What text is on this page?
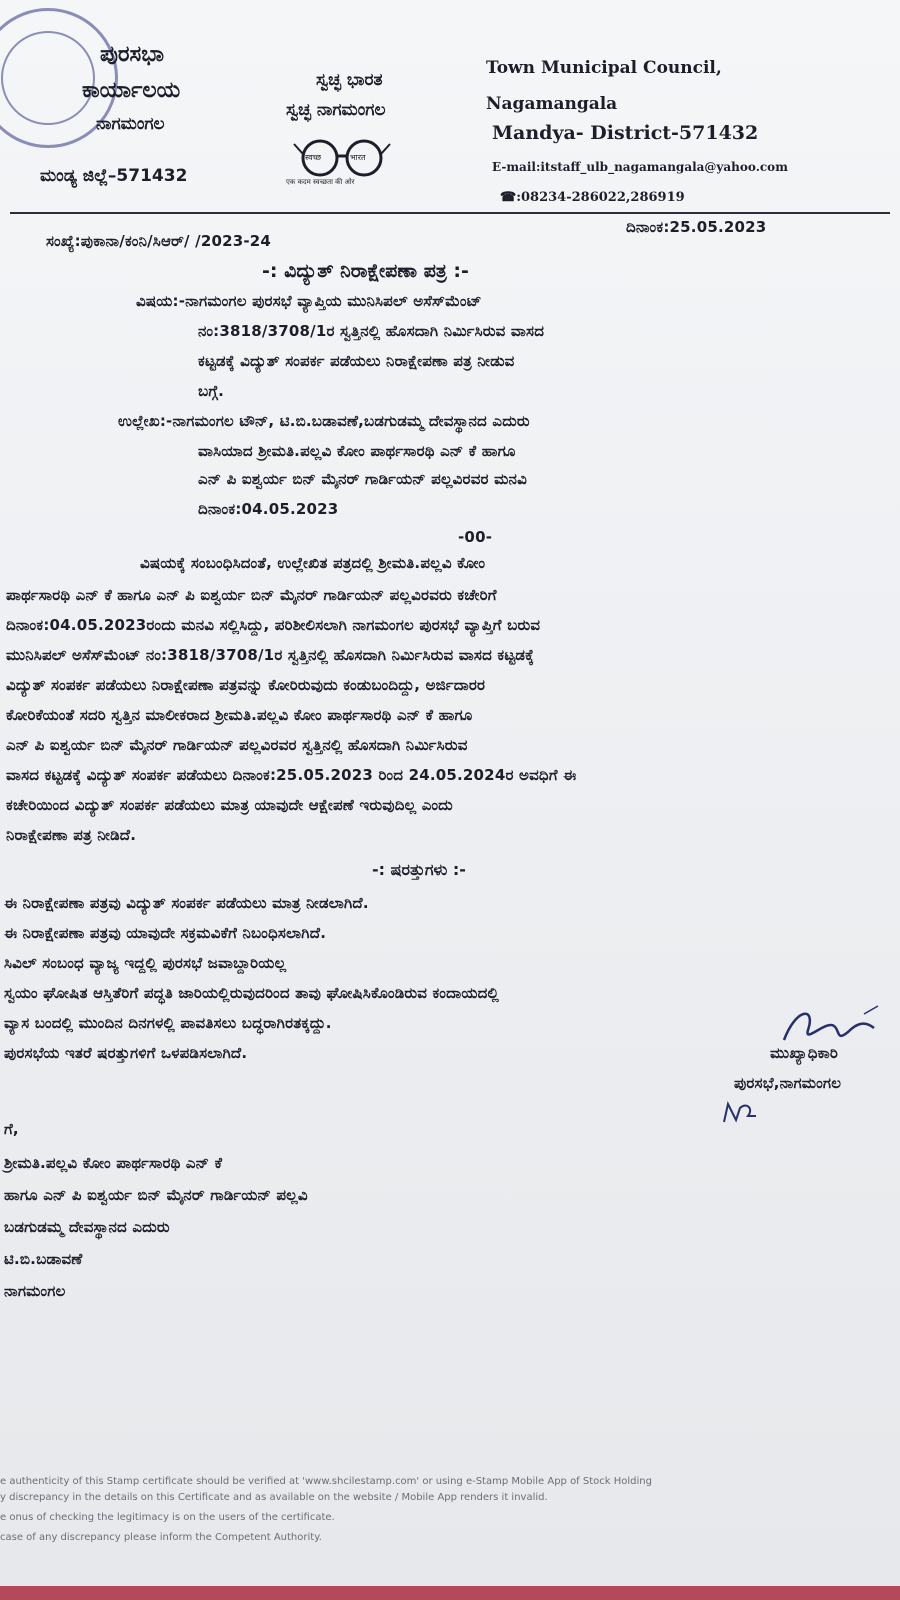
ಪುರಸಭಾ
ಕಾರ್ಯಾಲಯ
ನಾಗಮಂಗಲ
ಮಂಡ್ಯ ಜಿಲ್ಲೆ–571432
ಸ್ವಚ್ಛ ಭಾರತ
ಸ್ವಚ್ಛ ನಾಗಮಂಗಲ
स्वच्छ	भारत
एक कदम स्वच्छता की ओर
Town Municipal Council,
Nagamangala
Mandya- District-571432
E-mail:itstaff_ulb_nagamangala@yahoo.com
☎:08234-286022,286919
ಸಂಖ್ಯೆ:ಪುಕಾನಾ/ಕಂನಿ/ಸಿಆರ್/ /2023-24
ದಿನಾಂಕ:25.05.2023
-: ವಿದ್ಯುತ್ ನಿರಾಕ್ಷೇಪಣಾ ಪತ್ರ :-
ವಿಷಯ:-ನಾಗಮಂಗಲ ಪುರಸಭೆ ವ್ಯಾಪ್ತಿಯ ಮುನಿಸಿಪಲ್ ಅಸೆಸ್‌ಮೆಂಟ್
ನಂ:3818/3708/1ರ ಸ್ವತ್ತಿನಲ್ಲಿ ಹೊಸದಾಗಿ ನಿರ್ಮಿಸಿರುವ ವಾಸದ
ಕಟ್ಟಡಕ್ಕೆ ವಿದ್ಯುತ್ ಸಂಪರ್ಕ ಪಡೆಯಲು ನಿರಾಕ್ಷೇಪಣಾ ಪತ್ರ ನೀಡುವ
ಬಗ್ಗೆ.
ಉಲ್ಲೇಖ:-ನಾಗಮಂಗಲ ಟೌನ್, ಟಿ.ಬಿ.ಬಡಾವಣೆ,ಬಡಗುಡಮ್ಮ ದೇವಸ್ಥಾನದ ಎದುರು
ವಾಸಿಯಾದ ಶ್ರೀಮತಿ.ಪಲ್ಲವಿ ಕೋಂ ಪಾರ್ಥಸಾರಥಿ ಎನ್ ಕೆ ಹಾಗೂ
ಎನ್ ಪಿ ಐಶ್ವರ್ಯ ಬಿನ್ ಮೈನರ್ ಗಾರ್ಡಿಯನ್ ಪಲ್ಲವಿರವರ ಮನವಿ
ದಿನಾಂಕ:04.05.2023
-00-
ವಿಷಯಕ್ಕೆ ಸಂಬಂಧಿಸಿದಂತೆ, ಉಲ್ಲೇಖಿತ ಪತ್ರದಲ್ಲಿ ಶ್ರೀಮತಿ.ಪಲ್ಲವಿ ಕೋಂ
ಪಾರ್ಥಸಾರಥಿ ಎನ್ ಕೆ ಹಾಗೂ ಎನ್ ಪಿ ಐಶ್ವರ್ಯ ಬಿನ್ ಮೈನರ್ ಗಾರ್ಡಿಯನ್ ಪಲ್ಲವಿರವರು ಕಚೇರಿಗೆ
ದಿನಾಂಕ:04.05.2023ರಂದು ಮನವಿ ಸಲ್ಲಿಸಿದ್ದು, ಪರಿಶೀಲಿಸಲಾಗಿ ನಾಗಮಂಗಲ ಪುರಸಭೆ ವ್ಯಾಪ್ತಿಗೆ ಬರುವ
ಮುನಿಸಿಪಲ್ ಅಸೆಸ್‌ಮೆಂಟ್ ನಂ:3818/3708/1ರ ಸ್ವತ್ತಿನಲ್ಲಿ ಹೊಸದಾಗಿ ನಿರ್ಮಿಸಿರುವ ವಾಸದ ಕಟ್ಟಡಕ್ಕೆ
ವಿದ್ಯುತ್ ಸಂಪರ್ಕ ಪಡೆಯಲು ನಿರಾಕ್ಷೇಪಣಾ ಪತ್ರವನ್ನು ಕೋರಿರುವುದು ಕಂಡುಬಂದಿದ್ದು, ಅರ್ಜಿದಾರರ
ಕೋರಿಕೆಯಂತೆ ಸದರಿ ಸ್ವತ್ತಿನ ಮಾಲೀಕರಾದ ಶ್ರೀಮತಿ.ಪಲ್ಲವಿ ಕೋಂ ಪಾರ್ಥಸಾರಥಿ ಎನ್ ಕೆ ಹಾಗೂ
ಎನ್ ಪಿ ಐಶ್ವರ್ಯ ಬಿನ್ ಮೈನರ್ ಗಾರ್ಡಿಯನ್ ಪಲ್ಲವಿರವರ ಸ್ವತ್ತಿನಲ್ಲಿ ಹೊಸದಾಗಿ ನಿರ್ಮಿಸಿರುವ
ವಾಸದ ಕಟ್ಟಡಕ್ಕೆ ವಿದ್ಯುತ್ ಸಂಪರ್ಕ ಪಡೆಯಲು ದಿನಾಂಕ:25.05.2023 ರಿಂದ 24.05.2024ರ ಅವಧಿಗೆ ಈ
ಕಚೇರಿಯಿಂದ ವಿದ್ಯುತ್ ಸಂಪರ್ಕ ಪಡೆಯಲು ಮಾತ್ರ ಯಾವುದೇ ಆಕ್ಷೇಪಣೆ ಇರುವುದಿಲ್ಲ ಎಂದು
ನಿರಾಕ್ಷೇಪಣಾ ಪತ್ರ ನೀಡಿದೆ.
-: ಷರತ್ತುಗಳು :-
ಈ ನಿರಾಕ್ಷೇಪಣಾ ಪತ್ರವು ವಿದ್ಯುತ್ ಸಂಪರ್ಕ ಪಡೆಯಲು ಮಾತ್ರ ನೀಡಲಾಗಿದೆ.
ಈ ನಿರಾಕ್ಷೇಪಣಾ ಪತ್ರವು ಯಾವುದೇ ಸಕ್ರಮವಿಕೆಗೆ ನಿಬಂಧಿಸಲಾಗಿದೆ.
ಸಿವಿಲ್ ಸಂಬಂಧ ವ್ಯಾಜ್ಯ ಇದ್ದಲ್ಲಿ ಪುರಸಭೆ ಜವಾಬ್ದಾರಿಯಲ್ಲ
ಸ್ವಯಂ ಘೋಷಿತ ಆಸ್ತಿತೆರಿಗೆ ಪದ್ಧತಿ ಜಾರಿಯಲ್ಲಿರುವುದರಿಂದ ತಾವು ಘೋಷಿಸಿಕೊಂಡಿರುವ ಕಂದಾಯದಲ್ಲಿ
ವ್ಯಾಸ ಬಂದಲ್ಲಿ ಮುಂದಿನ ದಿನಗಳಲ್ಲಿ ಪಾವತಿಸಲು ಬದ್ಧರಾಗಿರತಕ್ಕದ್ದು.
ಪುರಸಭೆಯ ಇತರೆ ಷರತ್ತುಗಳಿಗೆ ಒಳಪಡಿಸಲಾಗಿದೆ.	ಮುಖ್ಯಾಧಿಕಾರಿ
ಪುರಸಭೆ,ನಾಗಮಂಗಲ
ಗೆ,
ಶ್ರೀಮತಿ.ಪಲ್ಲವಿ ಕೋಂ ಪಾರ್ಥಸಾರಥಿ ಎನ್ ಕೆ
ಹಾಗೂ ಎನ್ ಪಿ ಐಶ್ವರ್ಯ ಬಿನ್ ಮೈನರ್ ಗಾರ್ಡಿಯನ್ ಪಲ್ಲವಿ
ಬಡಗುಡಮ್ಮ ದೇವಸ್ಥಾನದ ಎದುರು
ಟಿ.ಬಿ.ಬಡಾವಣೆ
ನಾಗಮಂಗಲ
e authenticity of this Stamp certificate should be verified at 'www.shcilestamp.com' or using e-Stamp Mobile App of Stock Holding
y discrepancy in the details on this Certificate and as available on the website / Mobile App renders it invalid.
e onus of checking the legitimacy is on the users of the certificate.
case of any discrepancy please inform the Competent Authority.
